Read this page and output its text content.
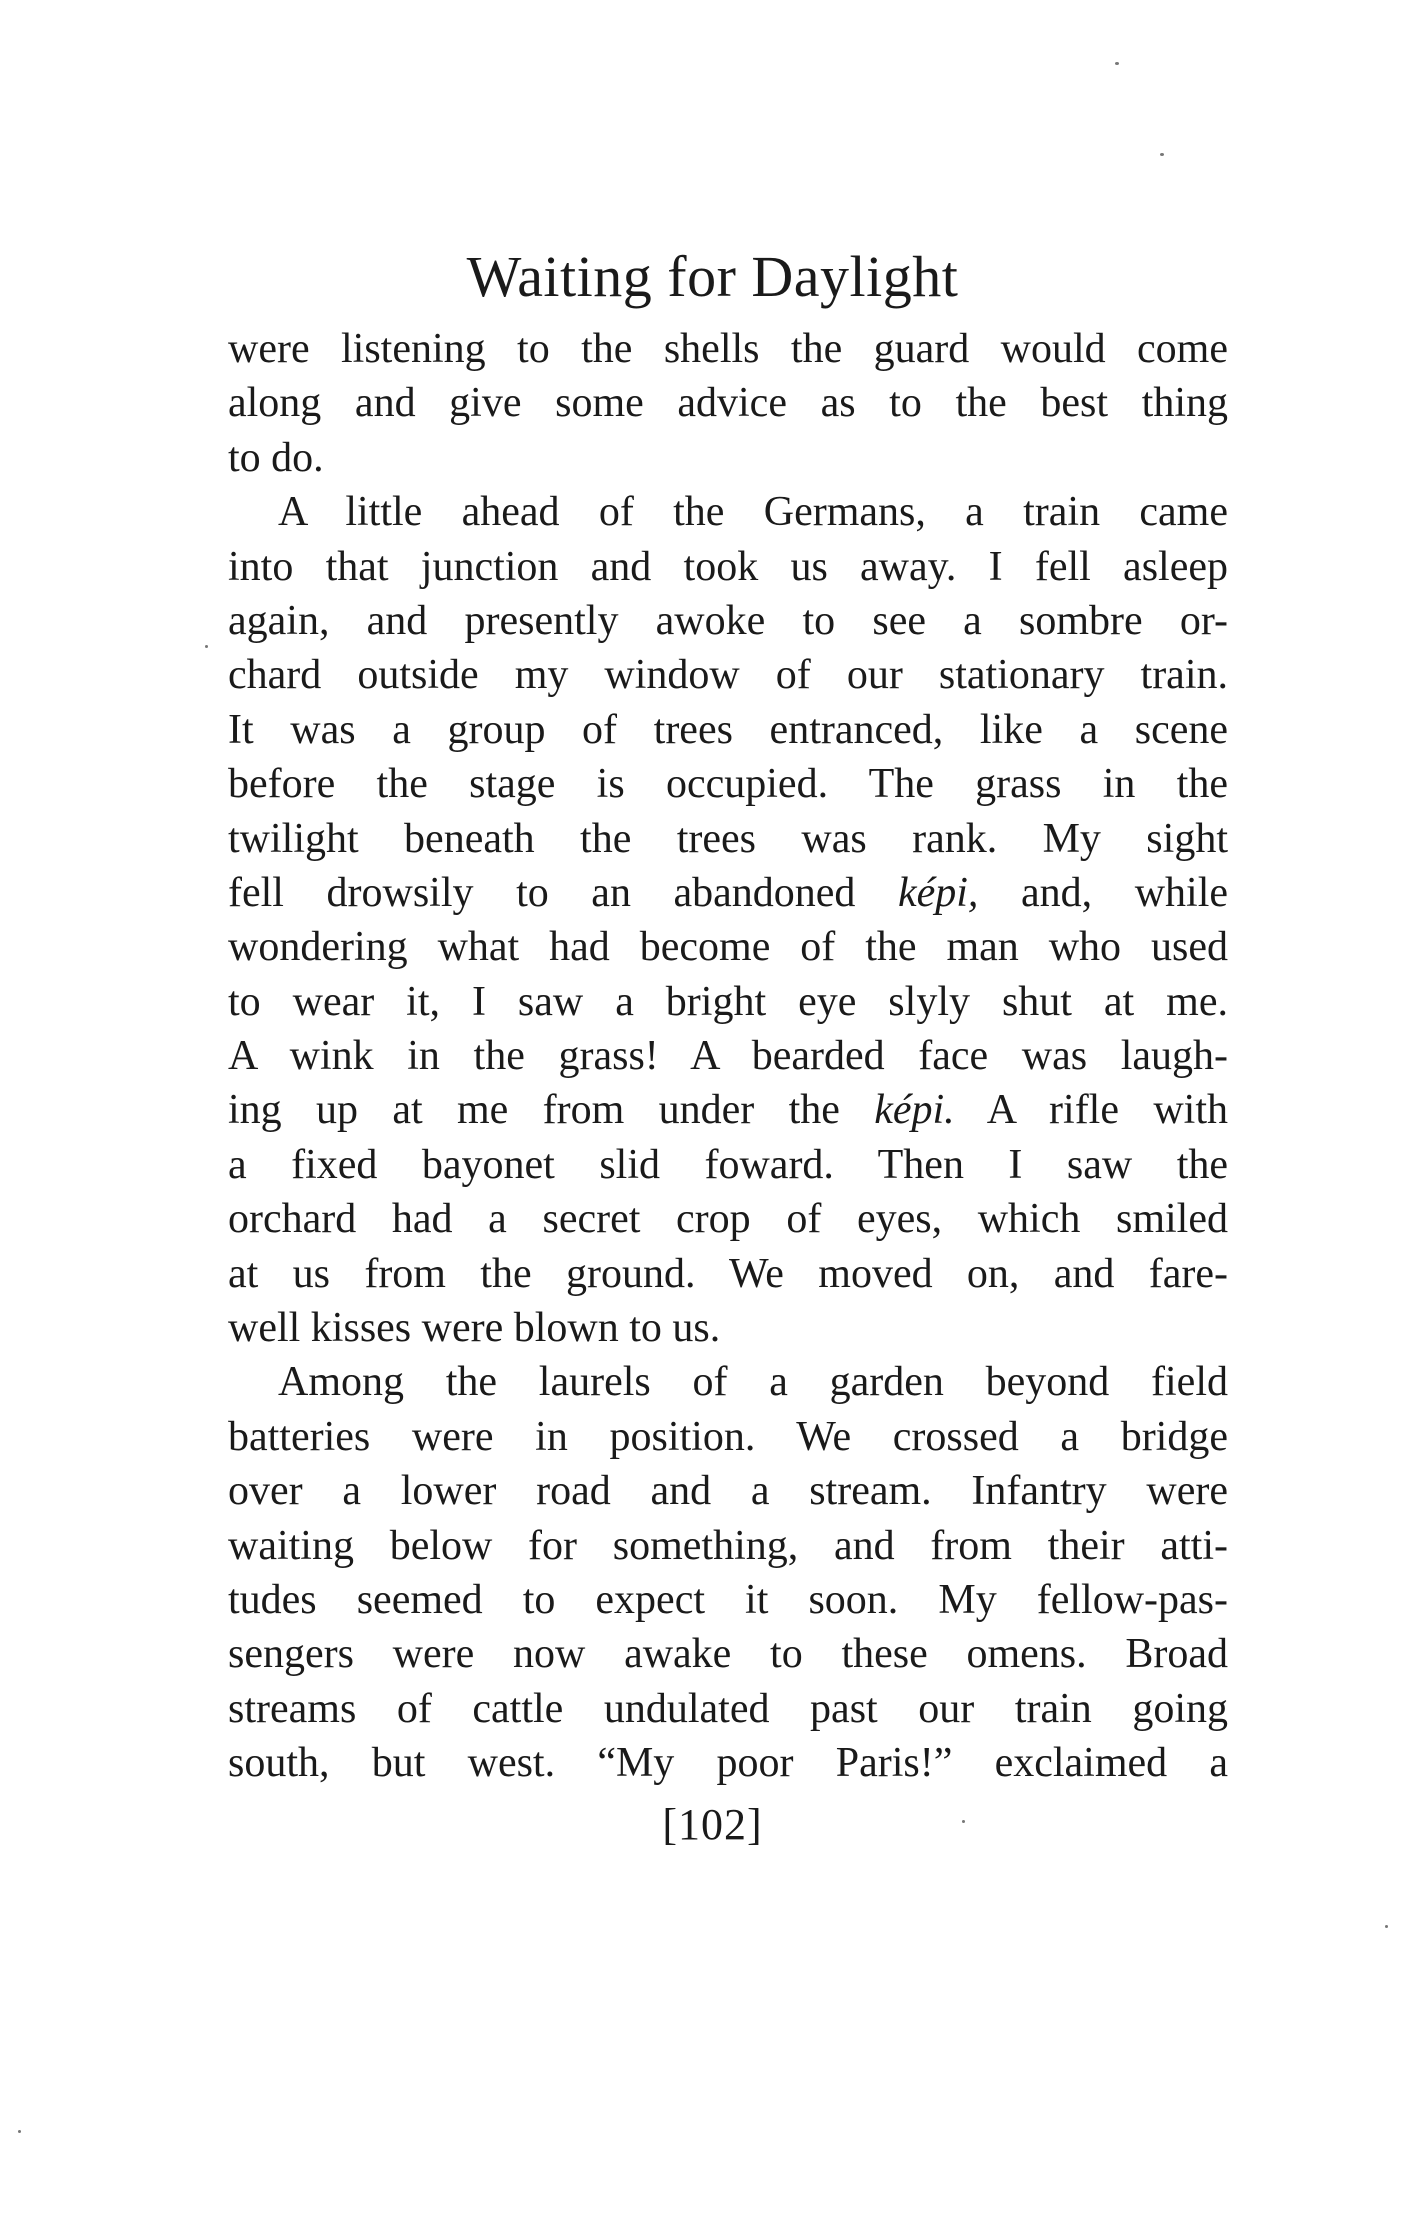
Waiting for Daylight
were listening to the shells the guard would come
along and give some advice as to the best thing
to do.
A little ahead of the Germans, a train came
into that junction and took us away. I fell asleep
again, and presently awoke to see a sombre or-
chard outside my window of our stationary train.
It was a group of trees entranced, like a scene
before the stage is occupied. The grass in the
twilight beneath the trees was rank. My sight
fell drowsily to an abandoned képi, and, while
wondering what had become of the man who used
to wear it, I saw a bright eye slyly shut at me.
A wink in the grass! A bearded face was laugh-
ing up at me from under the képi. A rifle with
a fixed bayonet slid foward. Then I saw the
orchard had a secret crop of eyes, which smiled
at us from the ground. We moved on, and fare-
well kisses were blown to us.
Among the laurels of a garden beyond field
batteries were in position. We crossed a bridge
over a lower road and a stream. Infantry were
waiting below for something, and from their atti-
tudes seemed to expect it soon. My fellow-pas-
sengers were now awake to these omens. Broad
streams of cattle undulated past our train going
south, but west. “My poor Paris!” exclaimed a
[102]
